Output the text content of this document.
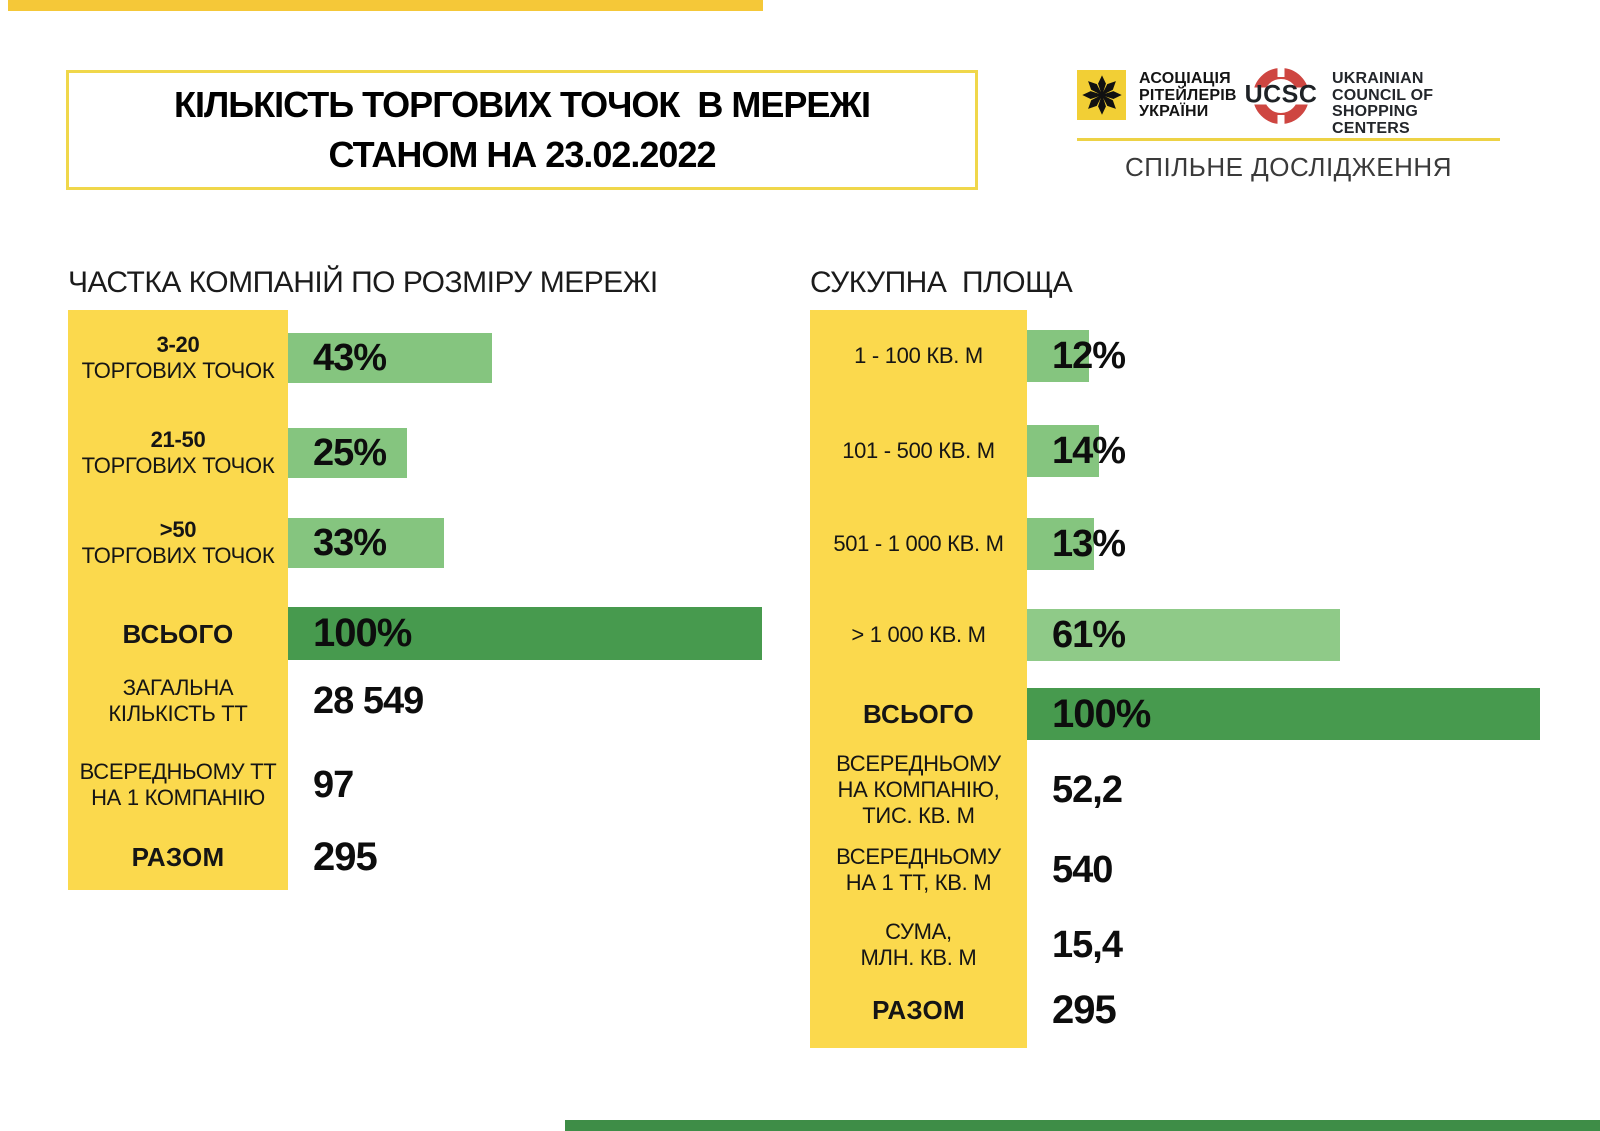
КІЛЬКІСТЬ ТОРГОВИХ ТОЧОК  В МЕРЕЖІ
СТАНОМ НА 23.02.2022
АСОЦІАЦІЯ
РІТЕЙЛЕРІВ
УКРАЇНИ
UCSC
UKRAINIAN
COUNCIL OF SHOPPING
CENTERS
СПІЛЬНЕ ДОСЛІДЖЕННЯ
ЧАСТКА КОМПАНІЙ ПО РОЗМІРУ МЕРЕЖІ
3-20
ТОРГОВИХ ТОЧОК 43%
21-50
ТОРГОВИХ ТОЧОК 25%
>50
ТОРГОВИХ ТОЧОК 33%
ВСЬОГО 100%
ЗАГАЛЬНА
КІЛЬКІСТЬ ТТ 28 549
ВСЕРЕДНЬОМУ ТТ
НА 1 КОМПАНІЮ 97
РАЗОМ 295
СУКУПНА  ПЛОЩА
1 - 100 КВ. М 12%
101 - 500 КВ. М 14%
501 - 1 000 КВ. М 13%
> 1 000 КВ. М 61%
ВСЬОГО 100%
ВСЕРЕДНЬОМУ
НА КОМПАНІЮ,
ТИС. КВ. М
52,2
ВСЕРЕДНЬОМУ
НА 1 ТТ, КВ. М 540
СУМА,
МЛН. КВ. М 15,4
РАЗОМ 295
